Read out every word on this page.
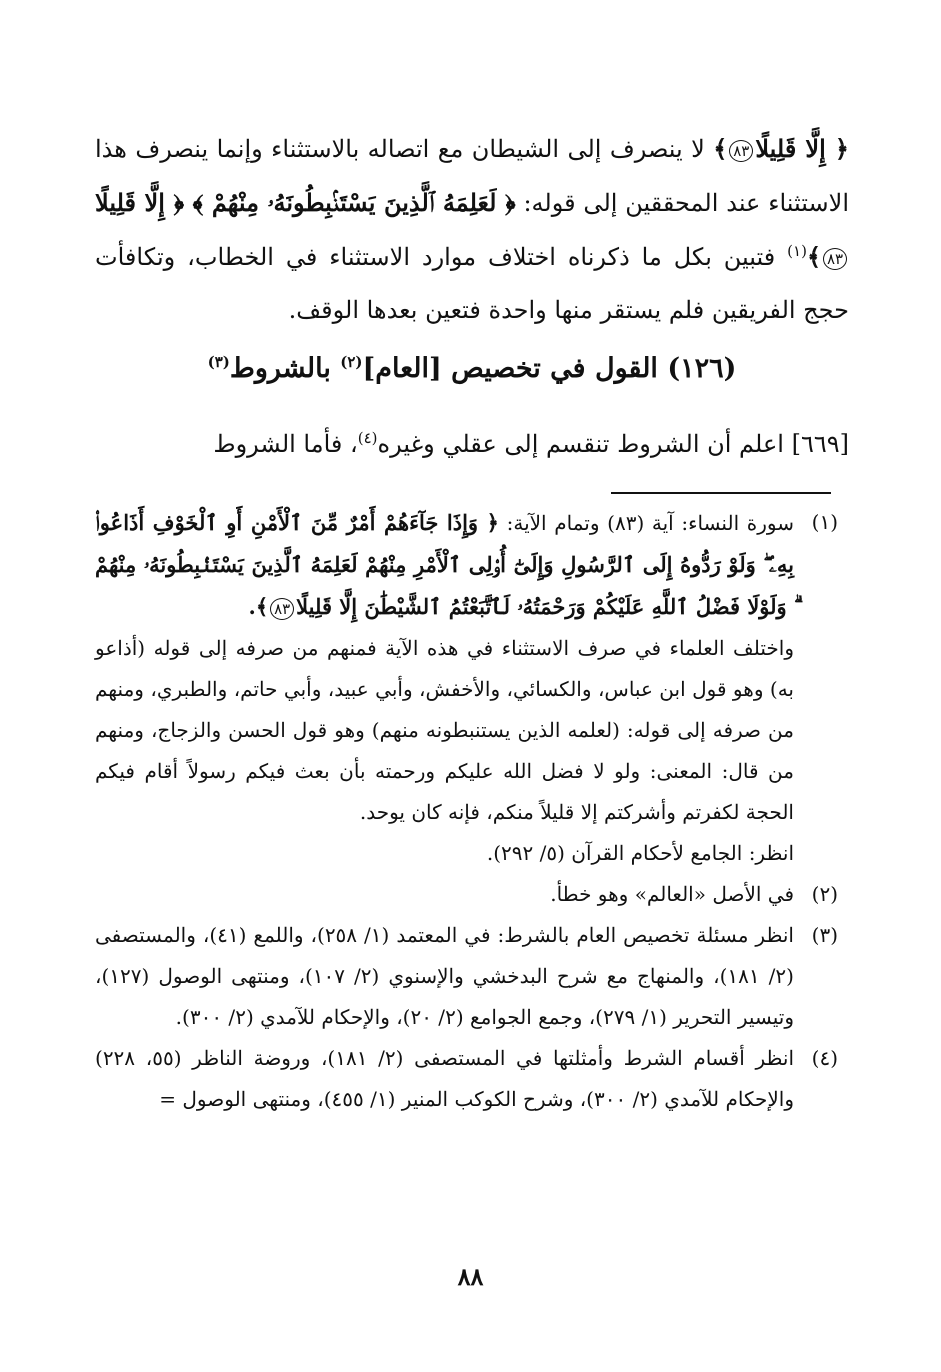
﴿ إِلَّا قَلِيلًا٨٣﴾ لا ينصرف إلى الشيطان مع اتصاله بالاستثناء وإنما ينصرف هذا الاستثناء عند المحققين إلى قوله: ﴿ لَعَلِمَهُ ٱلَّذِينَ يَسْتَنۢبِطُونَهُۥ مِنْهُمْ ﴾ ﴿ إِلَّا قَلِيلًا٨٣﴾$^{(١)}$ فتبين بكل ما ذكرناه اختلاف موارد الاستثناء في الخطاب، وتكافأت حجج الفريقين فلم يستقر منها واحدة فتعين بعدها الوقف.

(١٢٦) القول في تخصيص [العام]$^{(٢)}$ بالشروط$^{(٣)}$
[٦٦٩] اعلم أن الشروط تنقسم إلى عقلي وغيره$^{(٤)}$، فأما الشروط
(١)

سورة النساء: آية (٨٣) وتمام الآية: ﴿ وَإِذَا جَآءَهُمْ أَمْرٌ مِّنَ ٱلْأَمْنِ أَوِ ٱلْخَوْفِ أَذَاعُوا۟ بِهِۦ ۖ وَلَوْ رَدُّوهُ إِلَى ٱلرَّسُولِ وَإِلَىٰٓ أُو۟لِى ٱلْأَمْرِ مِنْهُمْ لَعَلِمَهُ ٱلَّذِينَ يَسْتَنۢبِطُونَهُۥ مِنْهُمْ ۗ وَلَوْلَا فَضْلُ ٱللَّهِ عَلَيْكُمْ وَرَحْمَتُهُۥ لَٱتَّبَعْتُمُ ٱلشَّيْطَٰنَ إِلَّا قَلِيلًا٨٣﴾.

واختلف العلماء في صرف الاستثناء في هذه الآية فمنهم من صرفه إلى قوله (أذاعو به) وهو قول ابن عباس، والكسائي، والأخفش، وأبي عبيد، وأبي حاتم، والطبري، ومنهم من صرفه إلى قوله: (لعلمه الذين يستنبطونه منهم) وهو قول الحسن والزجاج، ومنهم من قال: المعنى: ولو لا فضل الله عليكم ورحمته بأن بعث فيكم رسولاً أقام فيكم الحجة لكفرتم وأشركتم إلا قليلاً منكم، فإنه كان يوحد.

انظر: الجامع لأحكام القرآن (٥/ ٢٩٢).

(٢)

في الأصل «العالم» وهو خطأ.

(٣)

انظر مسئلة تخصيص العام بالشرط: في المعتمد (١/ ٢٥٨)، واللمع (٤١)، والمستصفى (٢/ ١٨١)، والمنهاج مع شرح البدخشي والإسنوي (٢/ ١٠٧)، ومنتهى الوصول (١٢٧)، وتيسير التحرير (١/ ٢٧٩)، وجمع الجوامع (٢/ ٢٠)، والإحكام للآمدي (٢/ ٣٠٠).

(٤)

انظر أقسام الشرط وأمثلتها في المستصفى (٢/ ١٨١)، وروضة الناظر (٥٥، ٢٢٨) والإحكام للآمدي (٢/ ٣٠٠)، وشرح الكوكب المنير (١/ ٤٥٥)، ومنتهى الوصول =

٨٨
